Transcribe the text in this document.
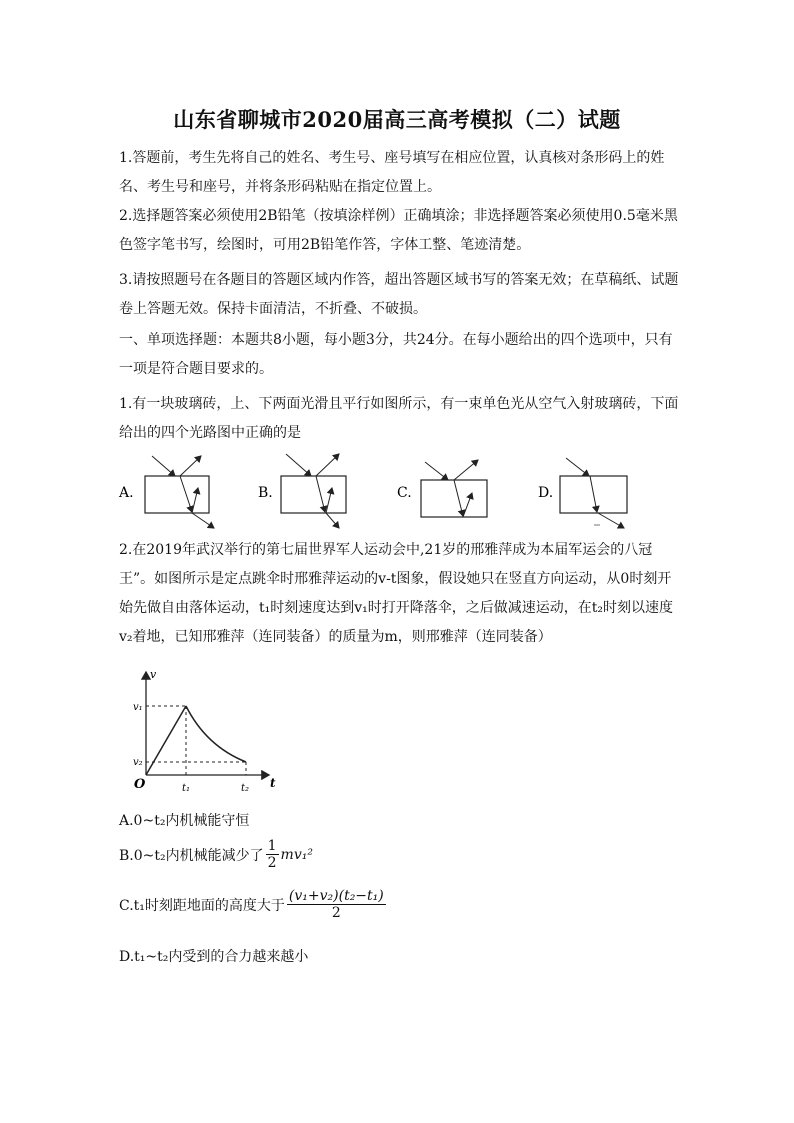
山东省聊城市2020届高三高考模拟（二）试题

1.答题前，考生先将自己的姓名、考生号、座号填写在相应位置，认真核对条形码上的姓名、考生号和座号，并将条形码粘贴在指定位置上。

2.选择题答案必须使用2B铅笔（按填涂样例）正确填涂；非选择题答案必须使用0.5毫米黑色签字笔书写，绘图时，可用2B铅笔作答，字体工整、笔迹清楚。

3.请按照题号在各题目的答题区域内作答，超出答题区域书写的答案无效；在草稿纸、试题卷上答题无效。保持卡面清洁，不折叠、不破损。

一、单项选择题：本题共8小题，每小题3分，共24分。在每小题给出的四个选项中，只有一项是符合题目要求的。

1.有一块玻璃砖，上、下两面光滑且平行如图所示，有一束单色光从空气入射玻璃砖，下面给出的四个光路图中正确的是

A.	B.	C.	D.

2.在2019年武汉举行的第七届世界军人运动会中,21岁的邢雅萍成为本届军运会的八冠王”。如图所示是定点跳伞时邢雅萍运动的v-t图象，假设她只在竖直方向运动，从0时刻开始先做自由落体运动，t₁时刻速度达到v₁时打开降落伞，之后做减速运动，在t₂时刻以速度v₂着地，已知邢雅萍（连同装备）的质量为m，则邢雅萍（连同装备）

v
t
O
v₁
v₂
t₁	t₂
A.0~t₂内机械能守恒
B.0~t₂内机械能减少了 $\frac{1}{2} mv_1^2$
C.t₁时刻距地面的高度大于 $\frac{\text{(v₁+v₂)(t₂−t₁)}}{2}$
D.t₁~t₂内受到的合力越来越小
